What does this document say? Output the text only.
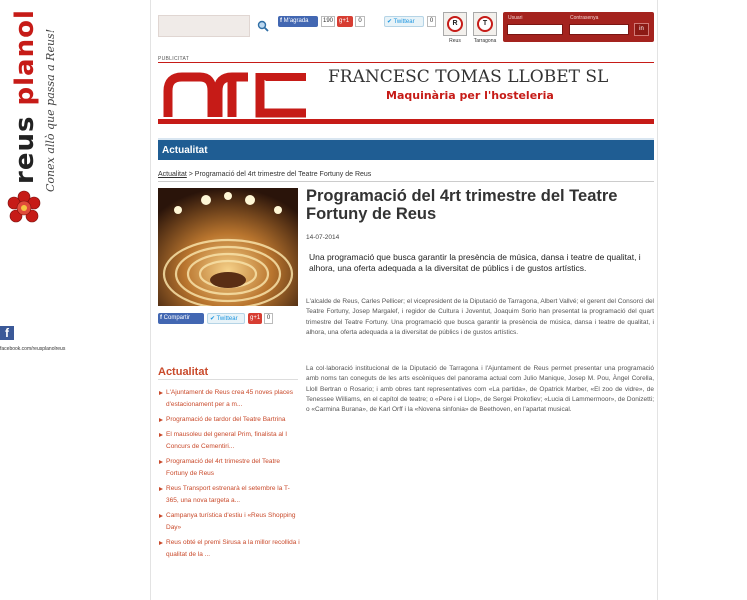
reus planol Conex allò que passa a Reus!
f
facebook.com/reusplanolreus
f M'agrada	190	g+1	0	✔ Twittear	0	R
Reus
T
Tarragona
Usuari	Contrasenya
in
PUBLICITAT
FRANCESC TOMAS LLOBET SL
Maquinària per l'hosteleria
Actualitat
Actualitat > Programació del 4rt trimestre del Teatre Fortuny de Reus
f Compartir	✔ Twittear	g+1	0
Actualitat
L'Ajuntament de Reus crea 45 noves places d'estacionament per a m...
Programació de tardor del Teatre Bartrina
El mausoleu del general Prim, finalista al I Concurs de Cementiri...
Programació del 4rt trimestre del Teatre Fortuny de Reus
Reus Transport estrenarà el setembre la T-365, una nova targeta a...
Campanya turística d'estiu i «Reus Shopping Day»
Reus obté el premi Sirusa a la millor recollida i qualitat de la ...
Programació del 4rt trimestre del Teatre Fortuny de Reus
14-07-2014

Una programació que busca garantir la presència de música, dansa i teatre de qualitat, i alhora, una oferta adequada a la diversitat de públics i de gustos artístics.

L'alcalde de Reus, Carles Pellicer; el vicepresident de la Diputació de Tarragona, Albert Vallvé; el gerent del Consorci del Teatre Fortuny, Josep Margalef, i regidor de Cultura i Joventut, Joaquim Sorio han presentat la programació del quart trimestre del Teatre Fortuny. Una programació que busca garantir la presència de música, dansa i teatre de qualitat, i alhora, una oferta adequada a la diversitat de públics i de gustos artístics.

La col·laboració institucional de la Diputació de Tarragona i l'Ajuntament de Reus permet presentar una programació amb noms tan coneguts de les arts escèniques del panorama actual com Julio Manique, Josep M. Pou, Àngel Corella, Lloll Bertran o Rosario; i amb obres tant representatives com «La partida», de Opatrick Marber, «El zoo de vidre», de Tenessee Williams, en el capítol de teatre; o «Pere i el Llop», de Sergei Prokofiev; «Lucia di Lammermoor», de Donizetti; o «Carmina Burana», de Karl Orff i la «Novena sinfonia» de Beethoven, en l'apartat musical.
